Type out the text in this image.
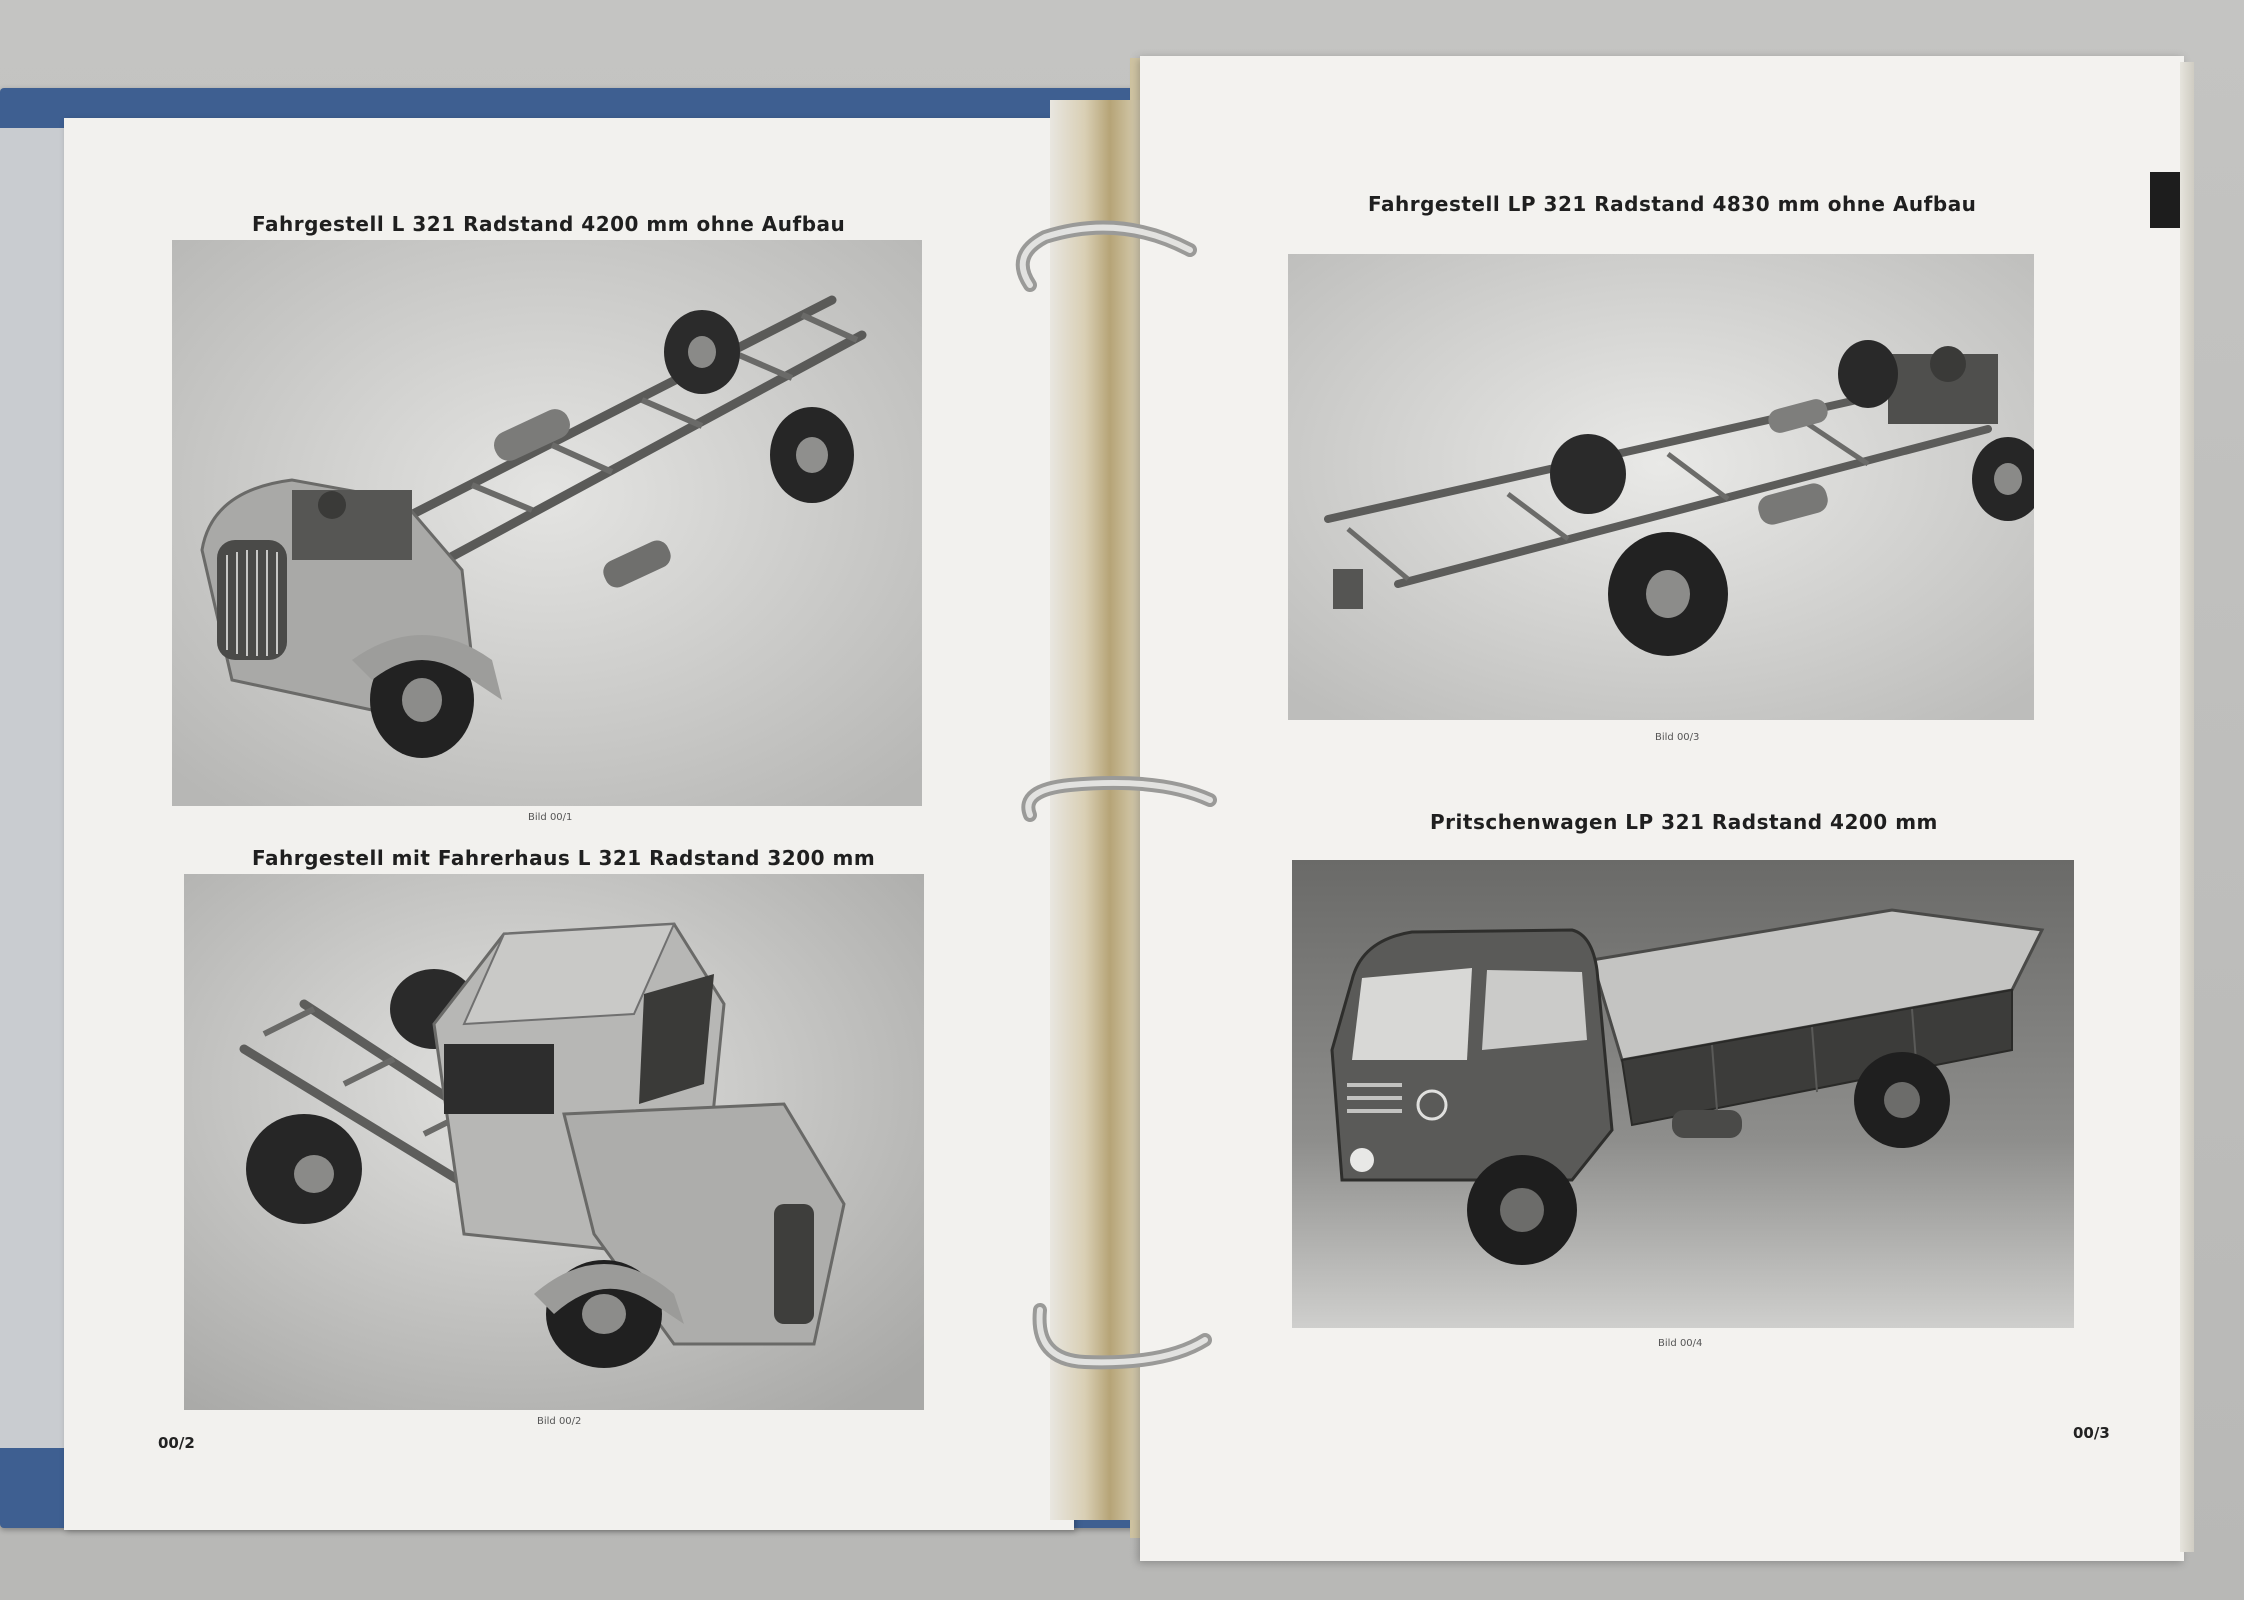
Fahrgestell L 321 Radstand 4200 mm ohne Aufbau
Bild 00/1
Fahrgestell mit Fahrerhaus L 321 Radstand 3200 mm
Bild 00/2
00/2
Fahrgestell LP 321 Radstand 4830 mm ohne Aufbau
Bild 00/3
Pritschenwagen LP 321 Radstand 4200 mm
Bild 00/4
00/3
